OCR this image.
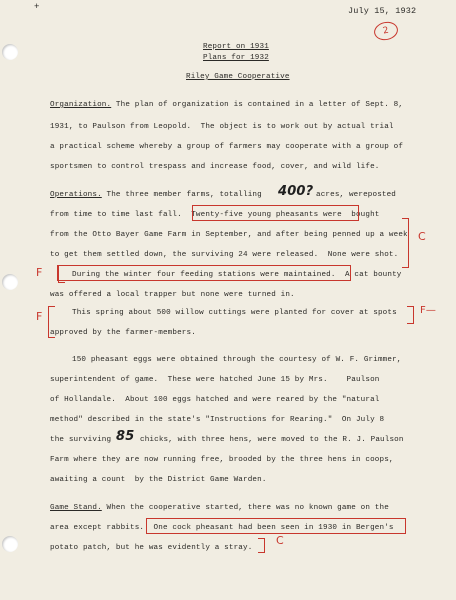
+	July 15, 1932
2
Report on 1931
Plans for 1932
Riley Game Cooperative
Organization. The plan of organization is contained in a letter of Sept. 8,
1931, to Paulson from Leopold.  The object is to work out by actual trial
a practical scheme whereby a group of farmers may cooperate with a group of
sportsmen to control trespass and increase food, cover, and wild life.
Operations. The three member farms, totalling 400? acres, wereposted
from time to time last fall.  Twenty-five young pheasants were  bought
from the Otto Bayer Game Farm in September, and after being penned up a week
to get them settled down, the surviving 24 were released.  None were shot.
C
F	During the winter four feeding stations were maintained.  A cat bounty
was offered a local trapper but none were turned in.
F	This spring about 500 willow cuttings were planted for cover at spots
approved by the farmer-members.
F—
150 pheasant eggs were obtained through the courtesy of W. F. Grimmer,
superintendent of game.  These were hatched June 15 by Mrs.    Paulson
of Hollandale.  About 100 eggs hatched and were reared by the "natural
method" described in the state's "Instructions for Rearing."  On July 8
the surviving 85 chicks, with three hens, were moved to the R. J. Paulson
Farm where they are now running free, brooded by the three hens in coops,
awaiting a count  by the District Game Warden.
Game Stand. When the cooperative started, there was no known game on the
area except rabbits.  One cock pheasant had been seen in 1930 in Bergen's
potato patch, but he was evidently a stray.
C
